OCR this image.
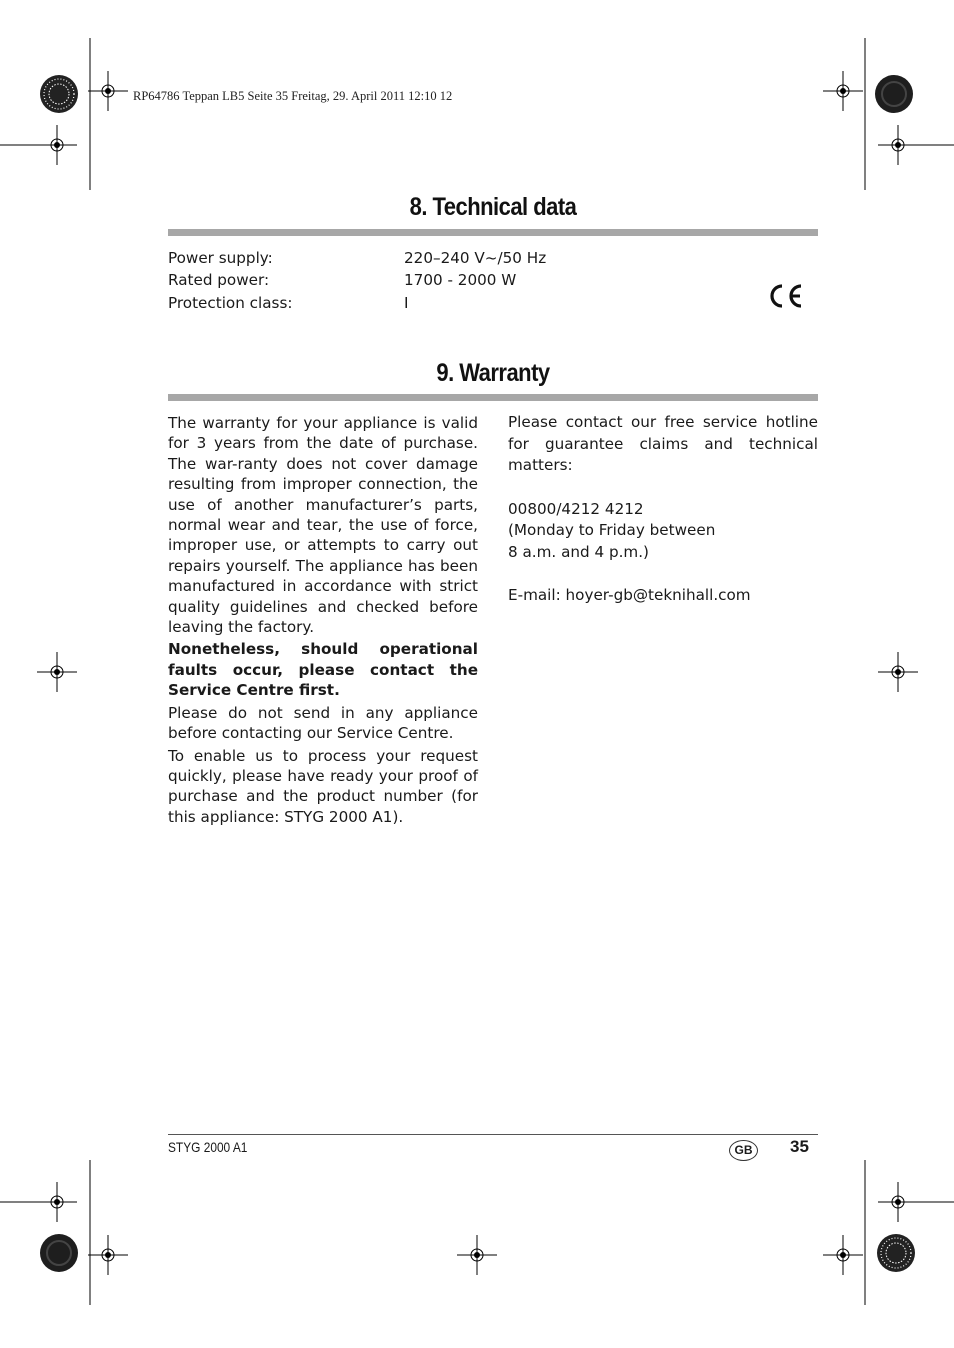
RP64786 Teppan LB5 Seite 35 Freitag, 29. April 2011 12:10 12
8. Technical data
Power supply:	220–240 V~/50 Hz
Rated power:	1700 - 2000 W
Protection class:	I
9. Warranty

The warranty for your appliance is valid for 3 years from the date of purchase. The war-ranty does not cover damage resulting from improper connection, the use of another manufacturer’s parts, normal wear and tear, the use of force, improper use, or attempts to carry out repairs yourself. The appliance has been manufactured in accordance with strict quality guidelines and checked before leaving the factory.

Nonetheless, should operational faults occur, please contact the Service Centre first.

Please do not send in any appliance before contacting our Service Centre.

To enable us to process your request quickly, please have ready your proof of purchase and the product number (for this appliance: STYG 2000 A1).

Please contact our free service hotline for guarantee claims and technical matters:

00800/4212 4212

(Monday to Friday between

8 a.m. and 4 p.m.)

E-mail: hoyer-gb@teknihall.com

STYG 2000 A1	GB	35
